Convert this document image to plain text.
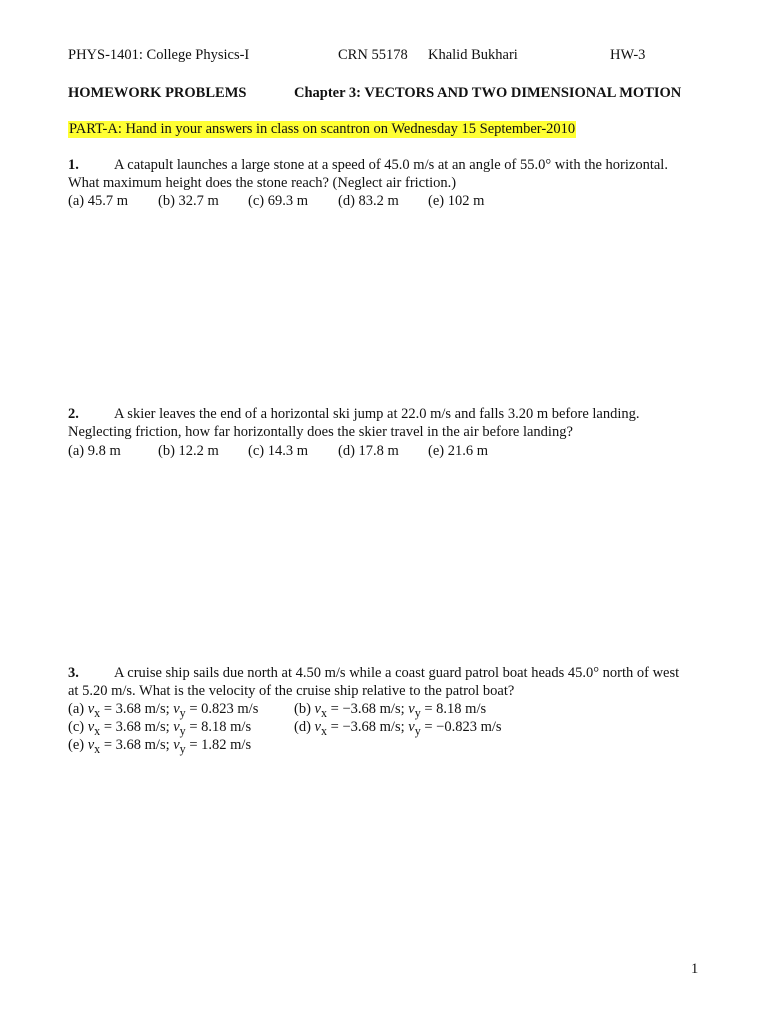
PHYS-1401: College Physics-I	CRN 55178 Khalid Bukhari	HW-3
HOMEWORK PROBLEMS	Chapter 3: VECTORS AND TWO DIMENSIONAL MOTION
PART-A: Hand in your answers in class on scantron on Wednesday 15 September-2010
1. A catapult launches a large stone at a speed of 45.0 m/s at an angle of 55.0° with the horizontal.
What maximum height does the stone reach? (Neglect air friction.)
(a) 45.7 m (b) 32.7 m (c) 69.3 m (d) 83.2 m (e) 102 m
2. A skier leaves the end of a horizontal ski jump at 22.0 m/s and falls 3.20 m before landing.
Neglecting friction, how far horizontally does the skier travel in the air before landing?
(a) 9.8 m	(b) 12.2 m (c) 14.3 m (d) 17.8 m (e) 21.6 m
3. A cruise ship sails due north at 4.50 m/s while a coast guard patrol boat heads 45.0° north of west
at 5.20 m/s. What is the velocity of the cruise ship relative to the patrol boat?
(a) $v_x = 3.68$ m/s; $v_y = 0.823$ m/s (b) $v_x = -3.68$ m/s; $v_y = 8.18$ m/s
(c) $v_x = 3.68$ m/s; $v_y = 8.18$ m/s	(d) $v_x = -3.68$ m/s; $v_y = -0.823$ m/s
(e) $v_x = 3.68$ m/s; $v_y = 1.82$ m/s
1
